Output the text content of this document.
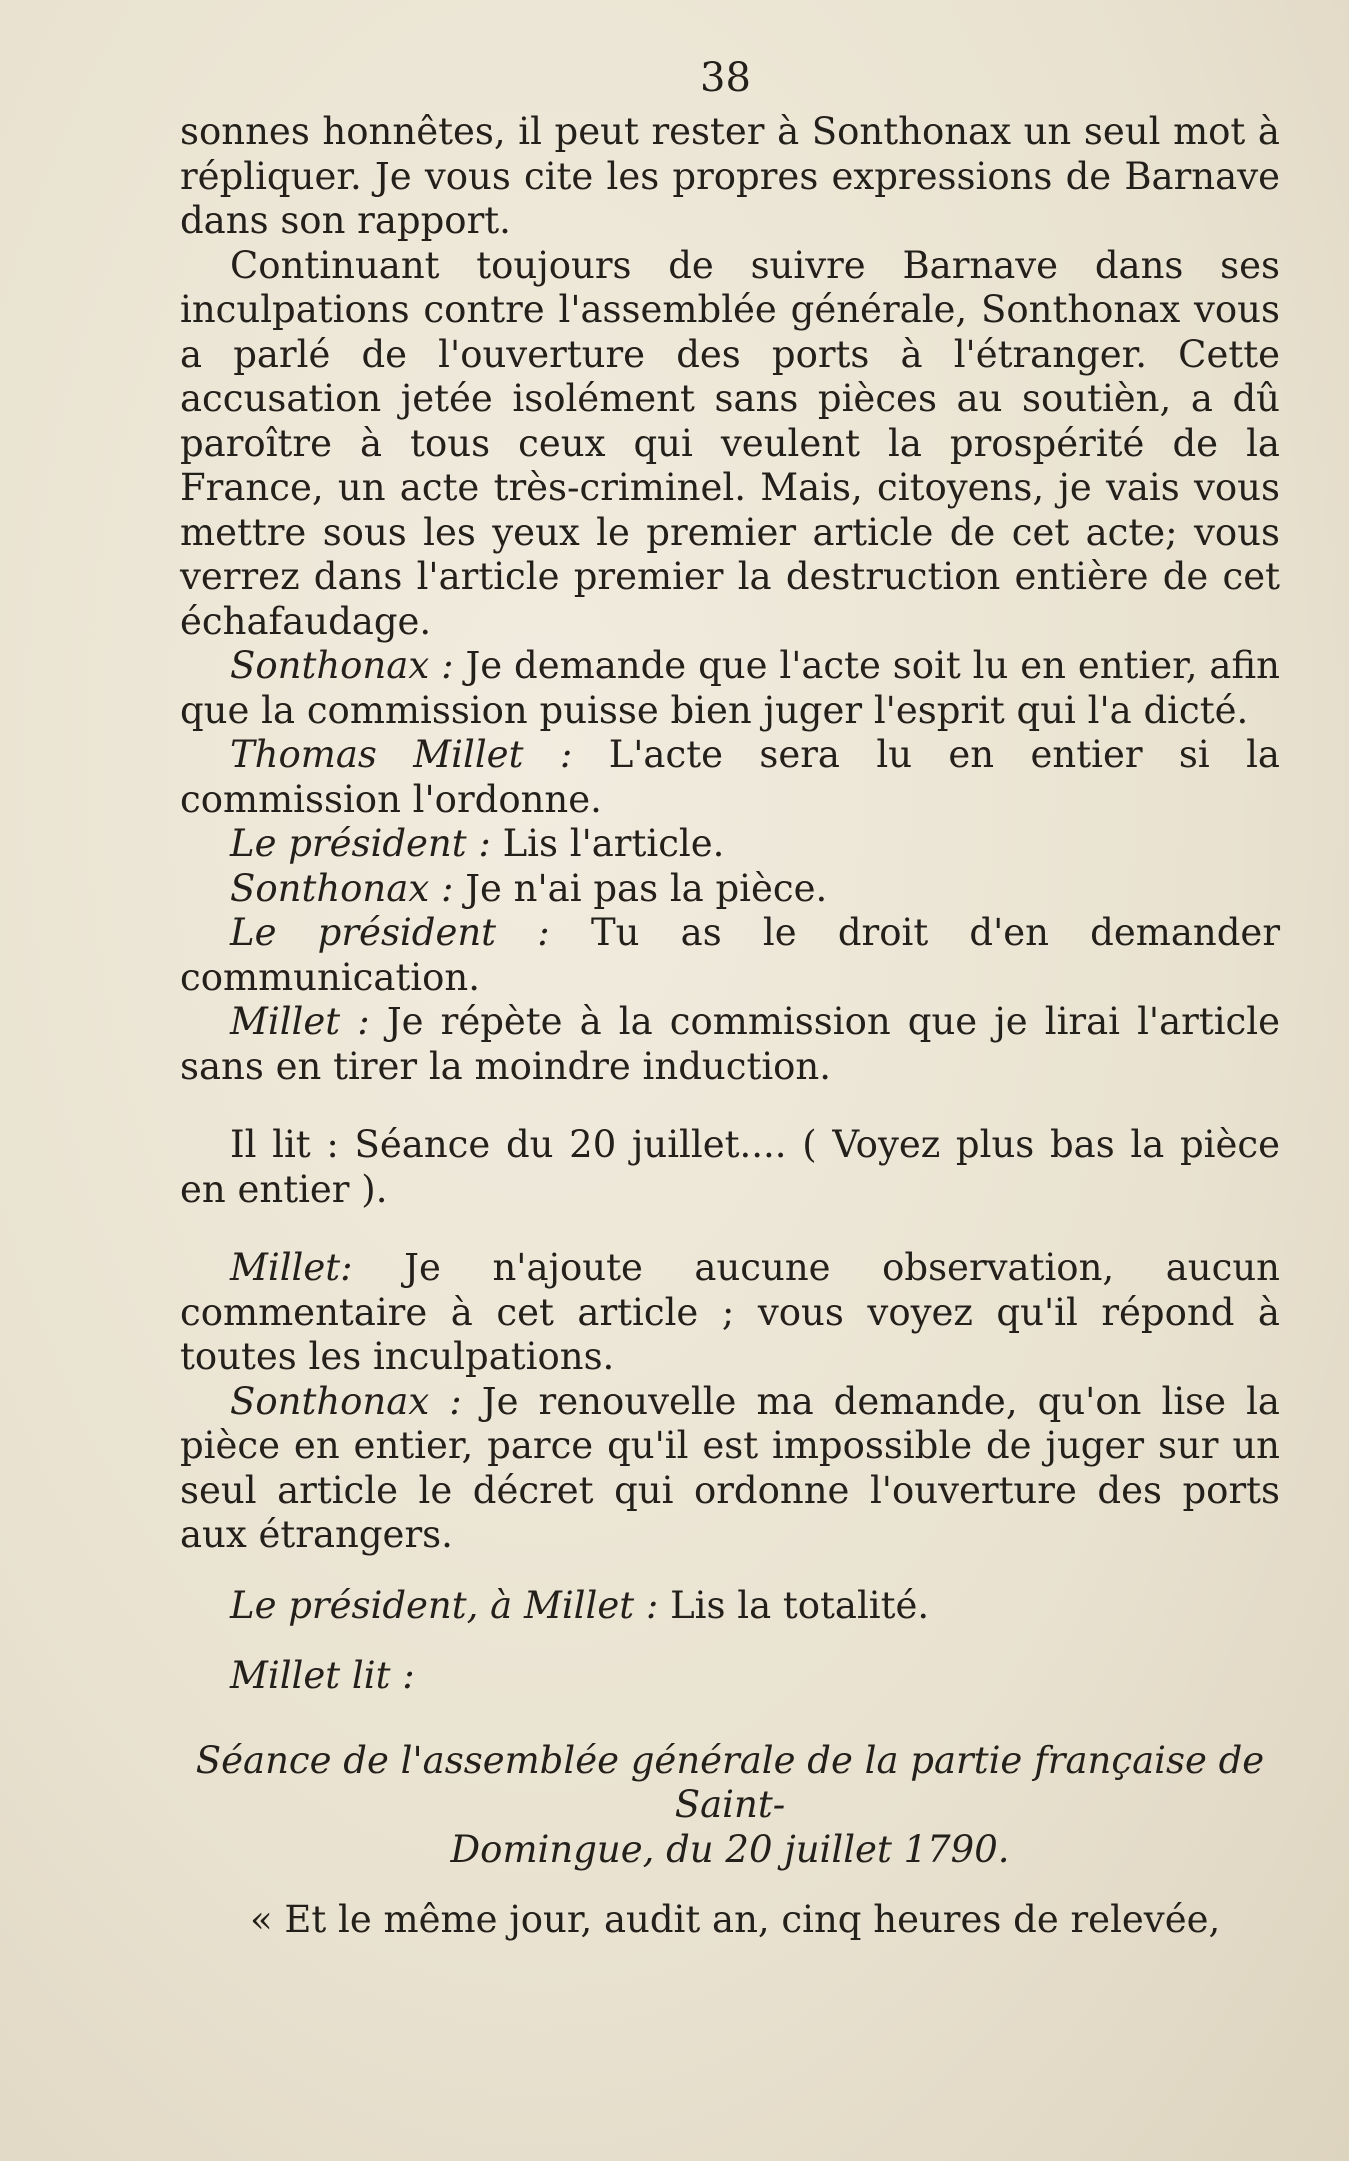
38

sonnes honnêtes, il peut rester à Sonthonax un seul mot à répliquer. Je vous cite les propres expressions de Barnave dans son rapport.

Continuant toujours de suivre Barnave dans ses inculpations contre l'assemblée générale, Sonthonax vous a parlé de l'ouverture des ports à l'étranger. Cette accusation jetée isolément sans pièces au soutièn, a dû paroître à tous ceux qui veulent la prospérité de la France, un acte très-criminel. Mais, citoyens, je vais vous mettre sous les yeux le premier article de cet acte; vous verrez dans l'article premier la destruction entière de cet échafaudage.

Sonthonax : Je demande que l'acte soit lu en entier, afin que la commission puisse bien juger l'esprit qui l'a dicté.

Thomas Millet : L'acte sera lu en entier si la commission l'ordonne.

Le président : Lis l'article.

Sonthonax : Je n'ai pas la pièce.

Le président : Tu as le droit d'en demander communication.

Millet : Je répète à la commission que je lirai l'article sans en tirer la moindre induction.

Il lit : Séance du 20 juillet.... ( Voyez plus bas la pièce en entier ).

Millet: Je n'ajoute aucune observation, aucun commentaire à cet article ; vous voyez qu'il répond à toutes les inculpations.

Sonthonax : Je renouvelle ma demande, qu'on lise la pièce en entier, parce qu'il est impossible de juger sur un seul article le décret qui ordonne l'ouverture des ports aux étrangers.

Le président, à Millet : Lis la totalité.

Millet lit :

Séance de l'assemblée générale de la partie française de Saint-
Domingue, du 20 juillet 1790.

« Et le même jour, audit an, cinq heures de relevée,
